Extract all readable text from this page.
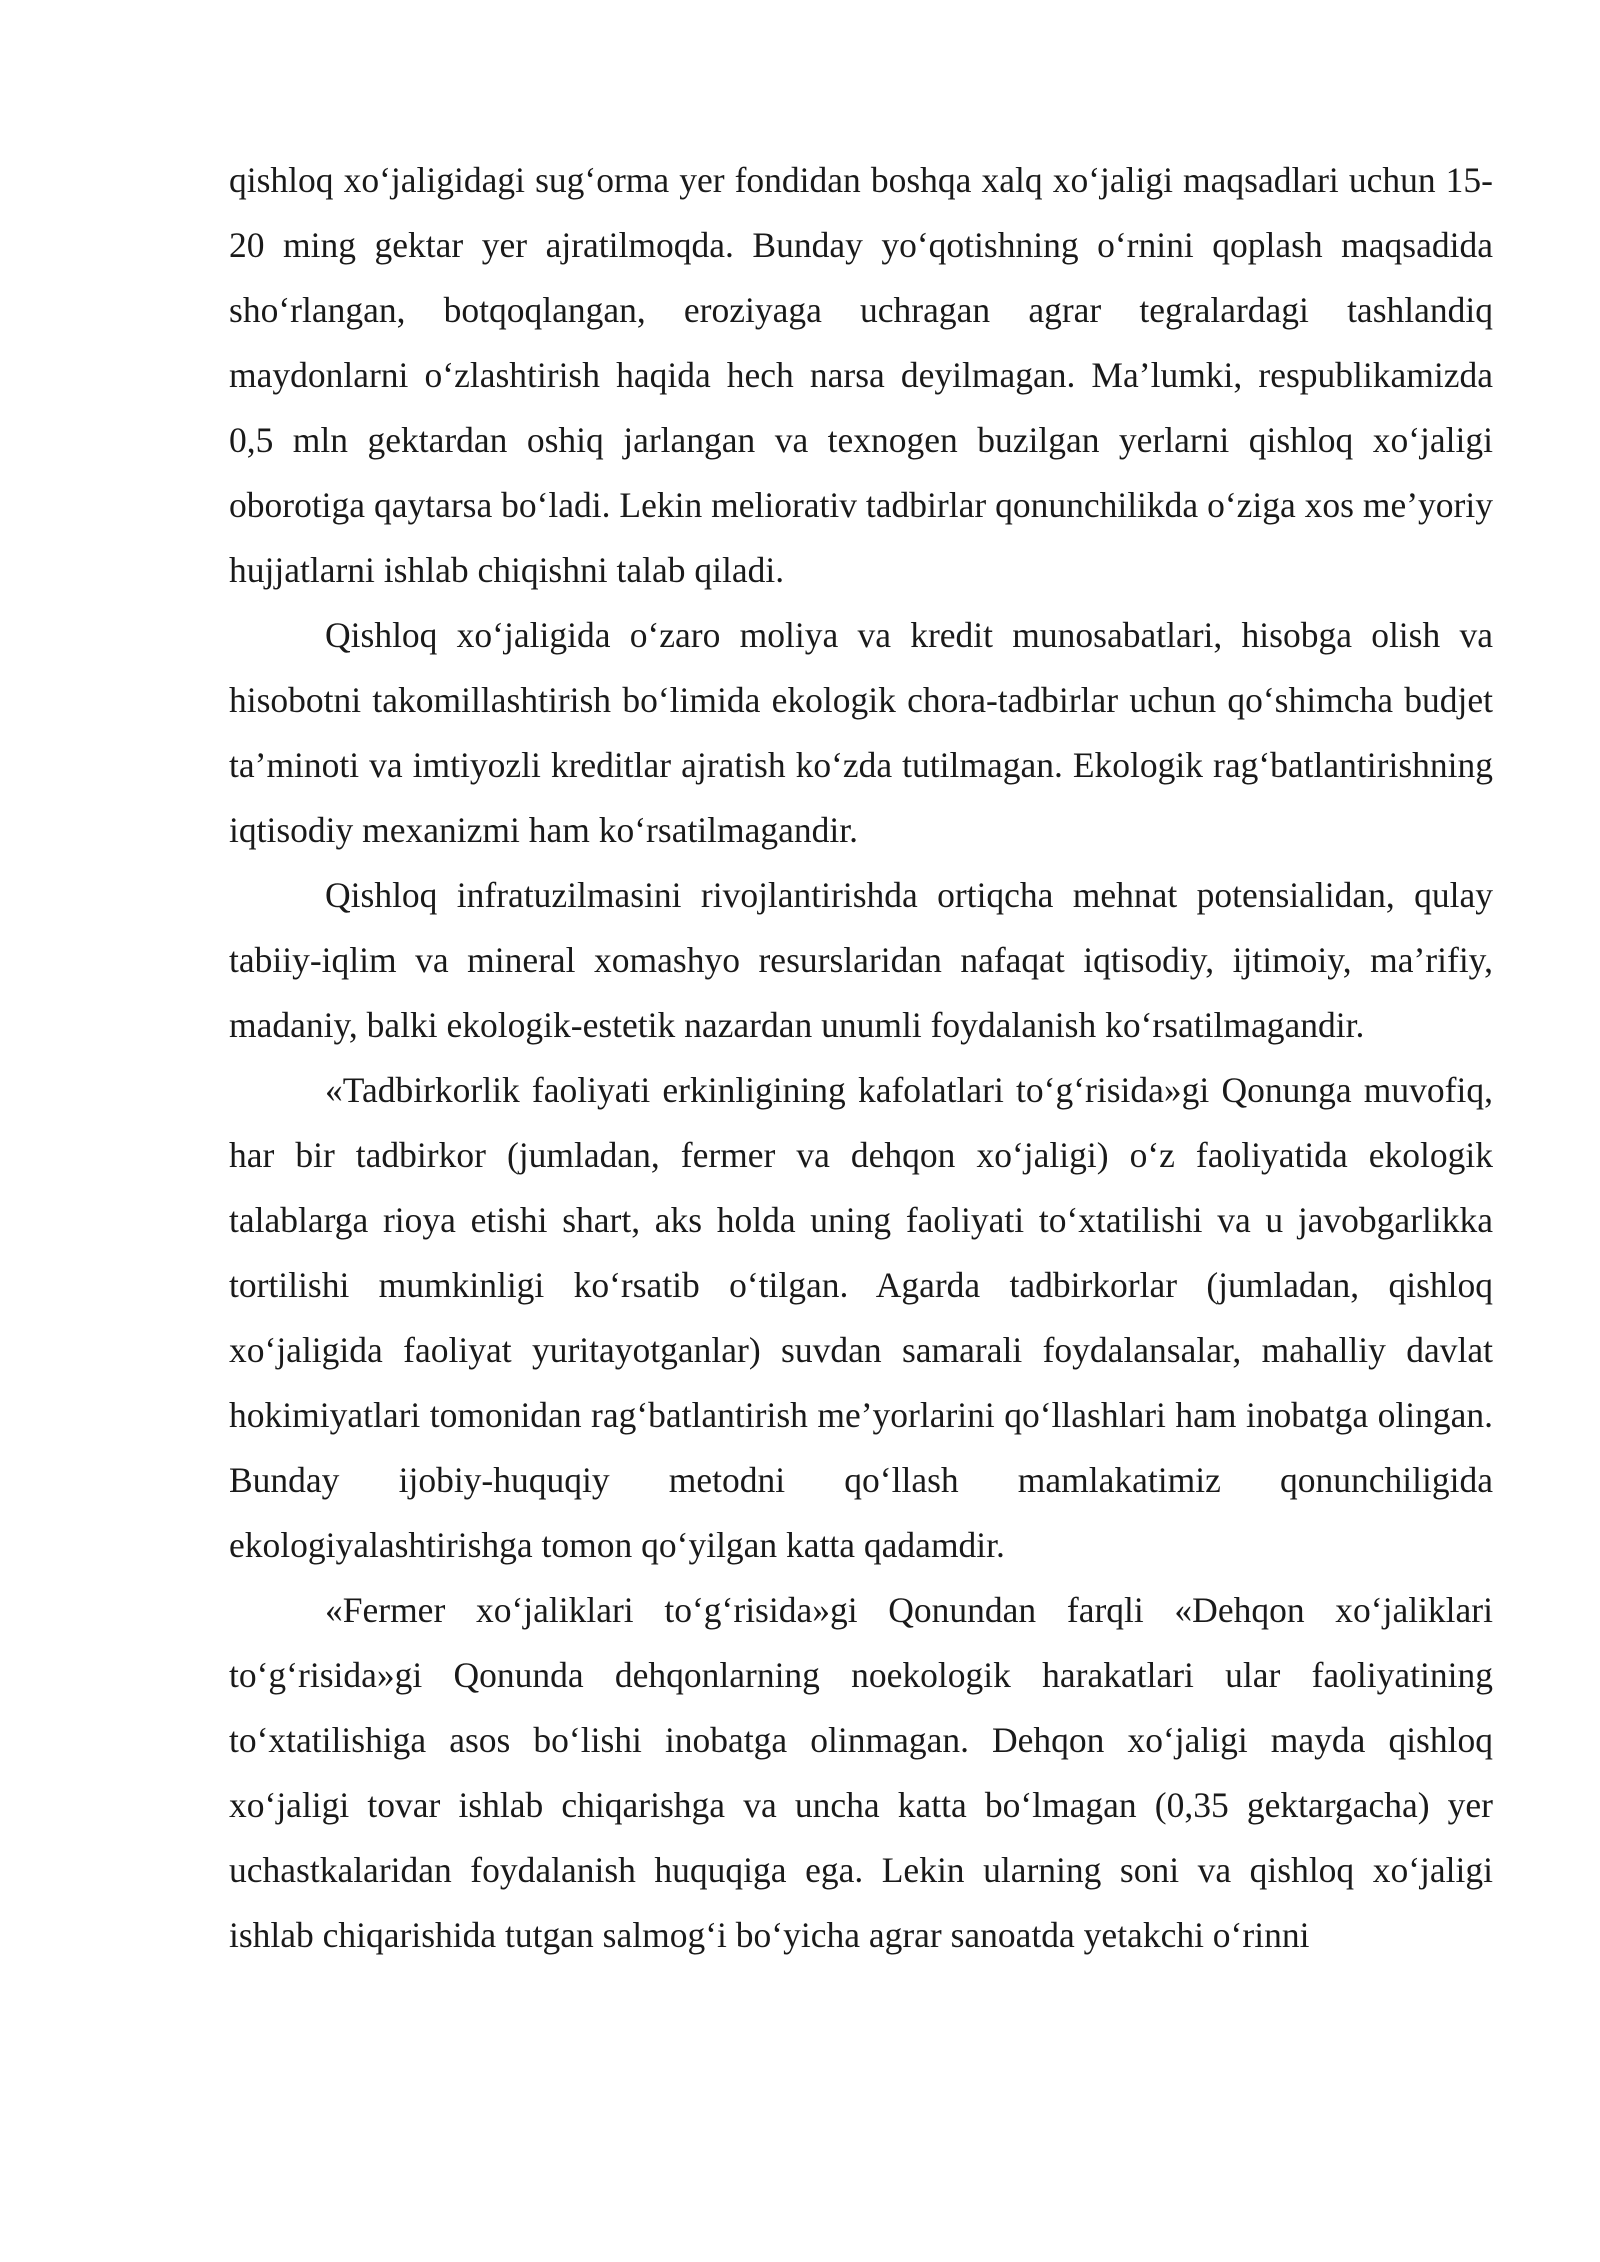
qishloq xo‘jaligidagi sug‘orma yer fondidan boshqa xalq xo‘jaligi maqsadlari uchun 15-20 ming gektar yer ajratilmoqda. Bunday yo‘qotishning o‘rnini qoplash maqsadida sho‘rlangan, botqoqlangan, eroziyaga uchragan agrar tegralardagi tashlandiq maydonlarni o‘zlashtirish haqida hech narsa deyilmagan. Ma’lumki, respublikamizda 0,5 mln gektardan oshiq jarlangan va texnogen buzilgan yerlarni qishloq xo‘jaligi oborotiga qaytarsa bo‘ladi. Lekin meliorativ tadbirlar qonunchilikda o‘ziga xos me’yoriy hujjatlarni ishlab chiqishni talab qiladi.

Qishloq xo‘jaligida o‘zaro moliya va kredit munosabatlari, hisobga olish va hisobotni takomillashtirish bo‘limida ekologik chora-tadbirlar uchun qo‘shimcha budjet ta’minoti va imtiyozli kreditlar ajratish ko‘zda tutilmagan. Ekologik rag‘batlantirishning iqtisodiy mexanizmi ham ko‘rsatilmagandir.

Qishloq infratuzilmasini rivojlantirishda ortiqcha mehnat potensialidan, qulay tabiiy-iqlim va mineral xomashyo resurslaridan nafaqat iqtisodiy, ijtimoiy, ma’rifiy, madaniy, balki ekologik-estetik nazardan unumli foydalanish ko‘rsatilmagandir.

«Tadbirkorlik faoliyati erkinligining kafolatlari to‘g‘risida»gi Qonunga muvofiq, har bir tadbirkor (jumladan, fermer va dehqon xo‘jaligi) o‘z faoliyatida ekologik talablarga rioya etishi shart, aks holda uning faoliyati to‘xtatilishi va u javobgarlikka tortilishi mumkinligi ko‘rsatib o‘tilgan. Agarda tadbirkorlar (jumladan, qishloq xo‘jaligida faoliyat yuritayotganlar) suvdan samarali foydalansalar, mahalliy davlat hokimiyatlari tomonidan rag‘batlantirish me’yorlarini qo‘llashlari ham inobatga olingan. Bunday ijobiy-huquqiy metodni qo‘llash mamlakatimiz qonunchiligida ekologiyalashtirishga tomon qo‘yilgan katta qadamdir.

«Fermer xo‘jaliklari to‘g‘risida»gi Qonundan farqli «Dehqon xo‘jaliklari to‘g‘risida»gi Qonunda dehqonlarning noekologik harakatlari ular faoliyatining to‘xtatilishiga asos bo‘lishi inobatga olinmagan. Dehqon xo‘jaligi mayda qishloq xo‘jaligi tovar ishlab chiqarishga va uncha katta bo‘lmagan (0,35 gektargacha) yer uchastkalaridan foydalanish huquqiga ega. Lekin ularning soni va qishloq xo‘jaligi ishlab chiqarishida tutgan salmog‘i bo‘yicha agrar sanoatda yetakchi o‘rinni
